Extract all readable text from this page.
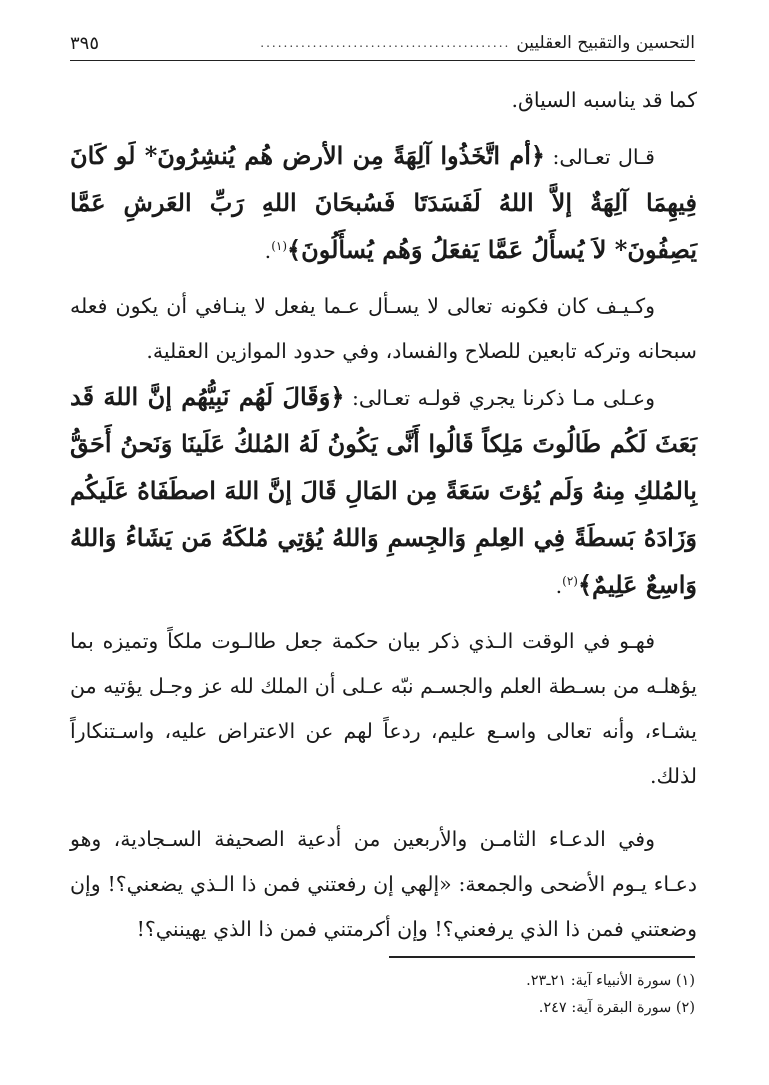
التحسين والتقبيح العقليين
...........................................
٣٩٥

كما قد يناسبه السياق.

قـال تعـالى: ﴿أم اتَّخَذُوا آلِهَةً مِن الأرض هُم يُنشِرُونَ* لَو كَانَ فِيهِمَا آلِهَةٌ إلاَّ اللهُ لَفَسَدَتَا فَسُبحَانَ اللهِ رَبِّ العَرشِ عَمَّا يَصِفُونَ* لاَ يُسأَلُ عَمَّا يَفعَلُ وَهُم يُسأَلُونَ﴾$^{(١)}$.

وكـيـف كان فكونه تعالى لا يسـأل عـما يفعل لا ينـافي أن يكون فعله سبحانه وتركه تابعين للصلاح والفساد، وفي حدود الموازين العقلية.

وعـلى مـا ذكرنا يجري قولـه تعـالى: ﴿وَقَالَ لَهُم نَبِيُّهُم إنَّ اللهَ قَد بَعَثَ لَكُم طَالُوتَ مَلِكاً قَالُوا أَنَّى يَكُونُ لَهُ المُلكُ عَلَينَا وَنَحنُ أَحَقُّ بِالمُلكِ مِنهُ وَلَم يُؤتَ سَعَةً مِن المَالِ قَالَ إنَّ اللهَ اصطَفَاهُ عَلَيكُم وَزَادَهُ بَسطَةً فِي العِلمِ وَالجِسمِ وَاللهُ يُؤتِي مُلكَهُ مَن يَشَاءُ وَاللهُ وَاسِعٌ عَلِيمٌ﴾$^{(٢)}$.

فهـو في الوقت الـذي ذكر بيان حكمة جعل طالـوت ملكاً وتميزه بما يؤهلـه من بسـطة العلم والجسـم نبّه عـلى أن الملك لله عز وجـل يؤتيه من يشـاء، وأنه تعالى واسـع عليم، ردعاً لهم عن الاعتراض عليه، واسـتنكاراً لذلك.

وفي الدعـاء الثامـن والأربعين من أدعية الصحيفة السـجادية، وهو دعـاء يـوم الأضحى والجمعة: «إلهي إن رفعتني فمن ذا الـذي يضعني؟! وإن وضعتني فمن ذا الذي يرفعني؟! وإن أكرمتني فمن ذا الذي يهينني؟!

(١) سورة الأنبياء آية: ٢١ـ٢٣.

(٢) سورة البقرة آية: ٢٤٧.
